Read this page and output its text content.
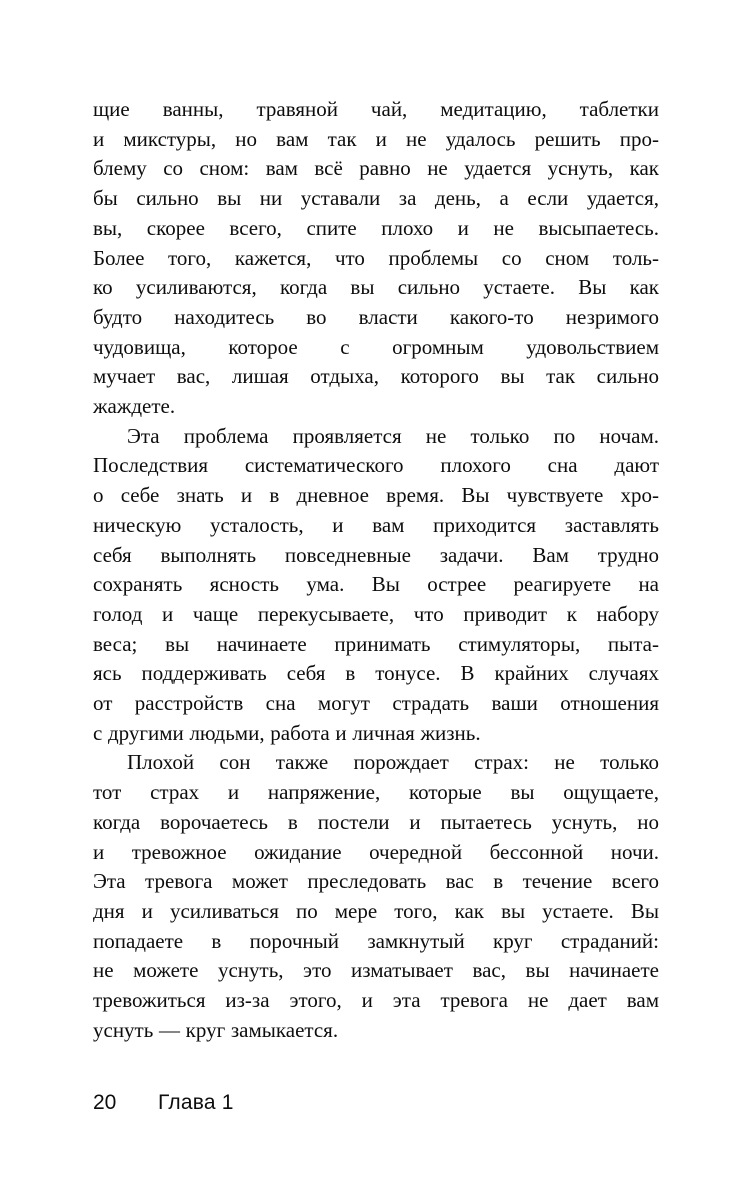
щие ванны, травяной чай, медитацию, таблетки
и микстуры, но вам так и не удалось решить про-
блему со сном: вам всё равно не удается уснуть, как
бы сильно вы ни уставали за день, а если удается,
вы, скорее всего, спите плохо и не высыпаетесь.
Более того, кажется, что проблемы со сном толь-
ко усиливаются, когда вы сильно устаете. Вы как
будто находитесь во власти какого-то незримого
чудовища, которое с огромным удовольствием
мучает вас, лишая отдыха, которого вы так сильно
жаждете.
Эта проблема проявляется не только по ночам.
Последствия систематического плохого сна дают
о себе знать и в дневное время. Вы чувствуете хро-
ническую усталость, и вам приходится заставлять
себя выполнять повседневные задачи. Вам трудно
сохранять ясность ума. Вы острее реагируете на
голод и чаще перекусываете, что приводит к набору
веса; вы начинаете принимать стимуляторы, пыта-
ясь поддерживать себя в тонусе. В крайних случаях
от расстройств сна могут страдать ваши отношения
с другими людьми, работа и личная жизнь.
Плохой сон также порождает страх: не только
тот страх и напряжение, которые вы ощущаете,
когда ворочаетесь в постели и пытаетесь уснуть, но
и тревожное ожидание очередной бессонной ночи.
Эта тревога может преследовать вас в течение всего
дня и усиливаться по мере того, как вы устаете. Вы
попадаете в порочный замкнутый круг страданий:
не можете уснуть, это изматывает вас, вы начинаете
тревожиться из-за этого, и эта тревога не дает вам
уснуть — круг замыкается.
20 Глава 1
